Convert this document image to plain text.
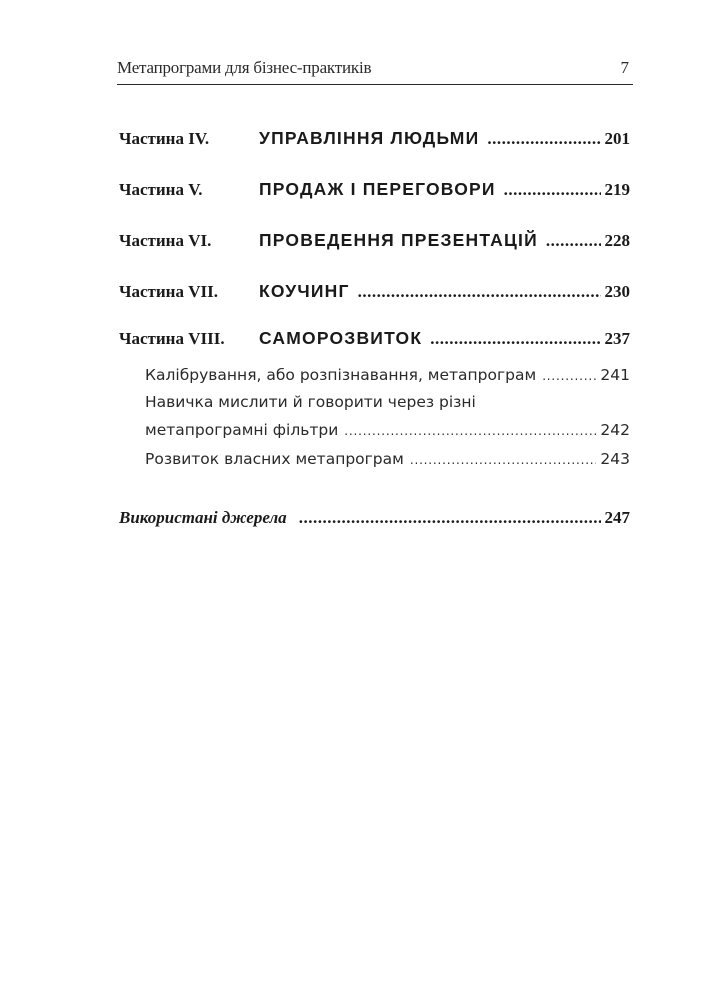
Метапрограми для бізнес-практиків	7
Частина IV.	УПРАВЛІННЯ ЛЮДЬМИ .....	201
Частина V.	ПРОДАЖ І ПЕРЕГОВОРИ .....	219
Частина VI.	ПРОВЕДЕННЯ ПРЕЗЕНТАЦІЙ .....	228
Частина VII.	КОУЧИНГ .....	230
Частина VIII.	САМОРОЗВИТОК .....	237
Калібрування, або розпізнавання, метапрограм .....	241
Навичка мислити й говорити через різні
метапрограмні фільтри .....	242
Розвиток власних метапрограм .....	243
Використані джерела .....	247
